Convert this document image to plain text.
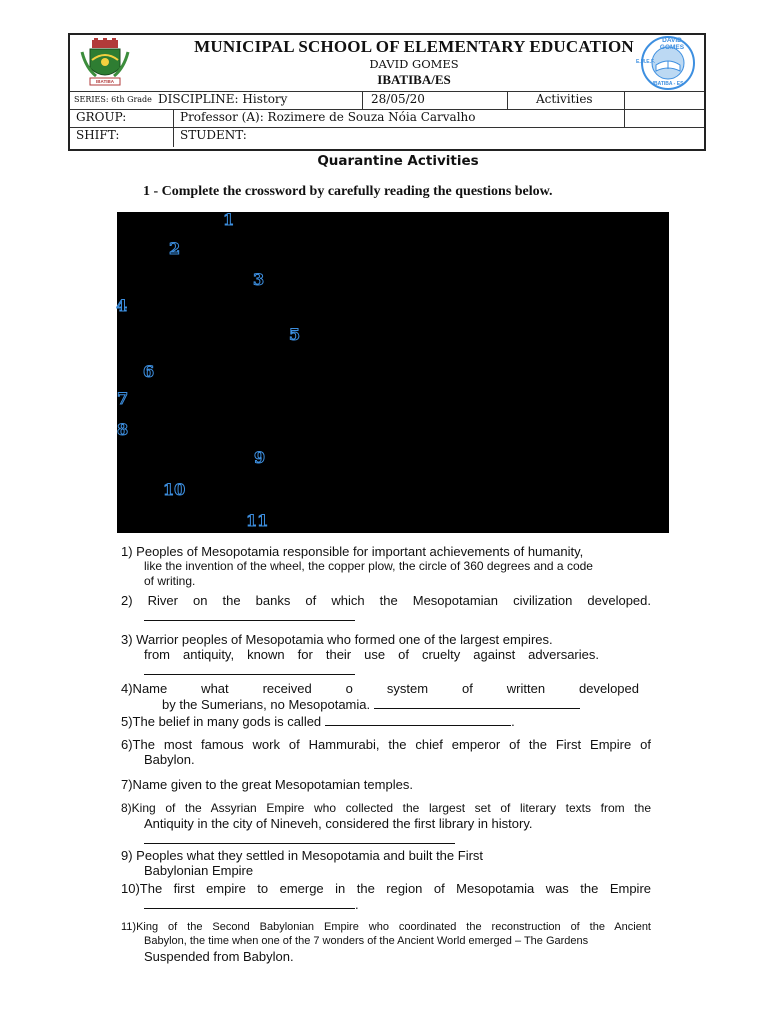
IBATIBA
MUNICIPAL SCHOOL OF ELEMENTARY EDUCATION
DAVID GOMES
IBATIBA/ES
DAVID GOMES
IBATIBA - ES
E.M.E.F.
SERIES: 6th Grade DISCIPLINE: History	28/05/20	Activities
GROUP:	Professor (A): Rozimere de Souza Nóia Carvalho
SHIFT:	STUDENT:
Quarantine Activities
1 - Complete the crossword by carefully reading the questions below.
1
2
3
4
5
6
7
8
9
10
11
1) Peoples of Mesopotamia responsible for important achievements of humanity,
like the invention of the wheel, the copper plow, the circle of 360 degrees and a code
of writing.
2) River on the banks of which the Mesopotamian civilization developed.
3) Warrior peoples of Mesopotamia who formed one of the largest empires.
from antiquity, known for their use of cruelty against adversaries.
4)Name what received o system of written developed
by the Sumerians, no Mesopotamia.
5)The belief in many gods is called	.
6)The most famous work of Hammurabi, the chief emperor of the First Empire of
Babylon.
7)Name given to the great Mesopotamian temples.
8)King of the Assyrian Empire who collected the largest set of literary texts from the
Antiquity in the city of Nineveh, considered the first library in history.
9) Peoples what they settled in Mesopotamia and built the First
Babylonian Empire
10)The first empire to emerge in the region of Mesopotamia was the Empire
.
11)King of the Second Babylonian Empire who coordinated the reconstruction of the Ancient
Babylon, the time when one of the 7 wonders of the Ancient World emerged – The Gardens
Suspended from Babylon.
